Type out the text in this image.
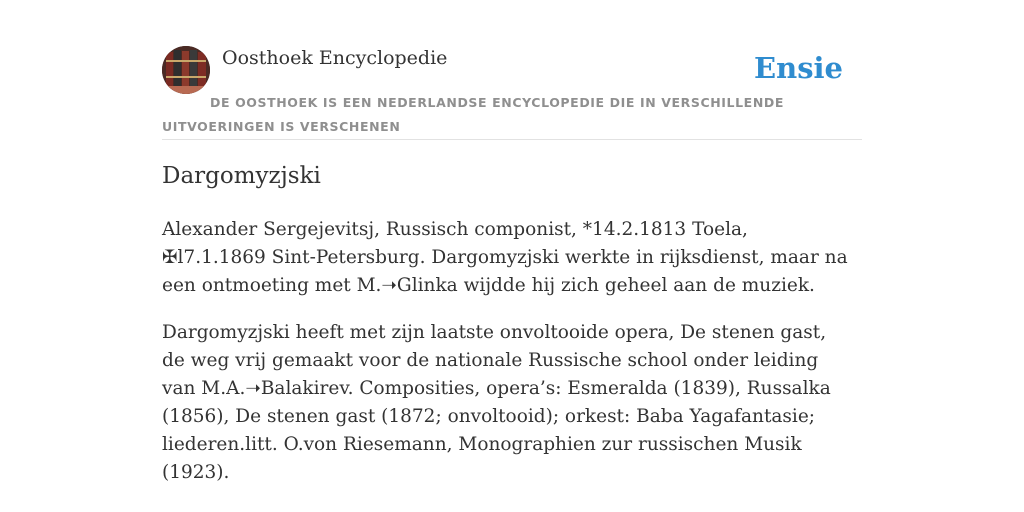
Oosthoek Encyclopedie	Ensie
DE OOSTHOEK IS EEN NEDERLANDSE ENCYCLOPEDIE DIE IN VERSCHILLENDE UITVOERINGEN IS VERSCHENEN
Dargomyzjski

Alexander Sergejevitsj, Russisch componist, *14.2.1813 Toela, ✠l7.1.1869 Sint-Petersburg. Dargomyzjski werkte in rijksdienst, maar na een ontmoeting met M.➝Glinka wijdde hij zich geheel aan de muziek.

Dargomyzjski heeft met zijn laatste onvoltooide opera, De stenen gast, de weg vrij gemaakt voor de nationale Russische school onder leiding van M.A.➝Balakirev. Composities, opera’s: Esmeralda (1839), Russalka (1856), De stenen gast (1872; onvoltooid); orkest: Baba Yagafantasie; liederen.litt. O.von Riesemann, Monographien zur russischen Musik (1923).
